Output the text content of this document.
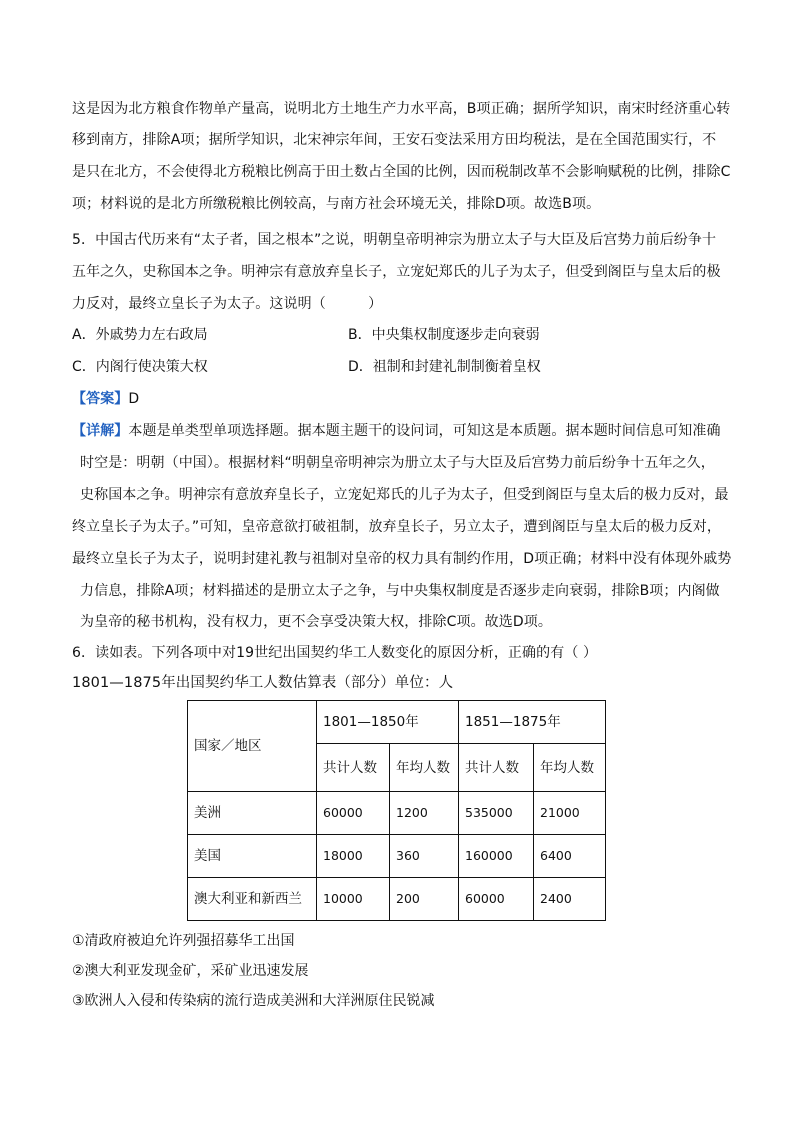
这是因为北方粮食作物单产量高，说明北方土地生产力水平高，B项正确；据所学知识，南宋时经济重心转
移到南方，排除A项；据所学知识，北宋神宗年间，王安石变法采用方田均税法，是在全国范围实行，不
是只在北方，不会使得北方税粮比例高于田土数占全国的比例，因而税制改革不会影响赋税的比例，排除C
项；材料说的是北方所缴税粮比例较高，与南方社会环境无关，排除D项。故选B项。
5．中国古代历来有“太子者，国之根本”之说，明朝皇帝明神宗为册立太子与大臣及后宫势力前后纷争十
五年之久，史称国本之争。明神宗有意放弃皇长子，立宠妃郑氏的儿子为太子，但受到阁臣与皇太后的极
力反对，最终立皇长子为太子。这说明（　　　）
A．外戚势力左右政局	B．中央集权制度逐步走向衰弱
C．内阁行使决策大权	D．祖制和封建礼制制衡着皇权
【答案】D
【详解】本题是单类型单项选择题。据本题主题干的设问词，可知这是本质题。据本题时间信息可知准确
时空是：明朝（中国）。根据材料“明朝皇帝明神宗为册立太子与大臣及后宫势力前后纷争十五年之久，
史称国本之争。明神宗有意放弃皇长子，立宠妃郑氏的儿子为太子，但受到阁臣与皇太后的极力反对，最
终立皇长子为太子。”可知，皇帝意欲打破祖制，放弃皇长子，另立太子，遭到阁臣与皇太后的极力反对，
最终立皇长子为太子，说明封建礼教与祖制对皇帝的权力具有制约作用，D项正确；材料中没有体现外戚势
力信息，排除A项；材料描述的是册立太子之争，与中央集权制度是否逐步走向衰弱，排除B项；内阁做
为皇帝的秘书机构，没有权力，更不会享受决策大权，排除C项。故选D项。
6．读如表。下列各项中对19世纪出国契约华工人数变化的原因分析，正确的有（ ）
1801—1875年出国契约华工人数估算表（部分）单位：人
国家／地区	1801—1850年		1851—1875年	
	共计人数	年均人数	共计人数	年均人数
美洲	60000	1200	535000	21000
美国	18000	360	160000	6400
澳大利亚和新西兰	10000	200	60000	2400
①清政府被迫允许列强招募华工出国
②澳大利亚发现金矿，采矿业迅速发展
③欧洲人入侵和传染病的流行造成美洲和大洋洲原住民锐减
